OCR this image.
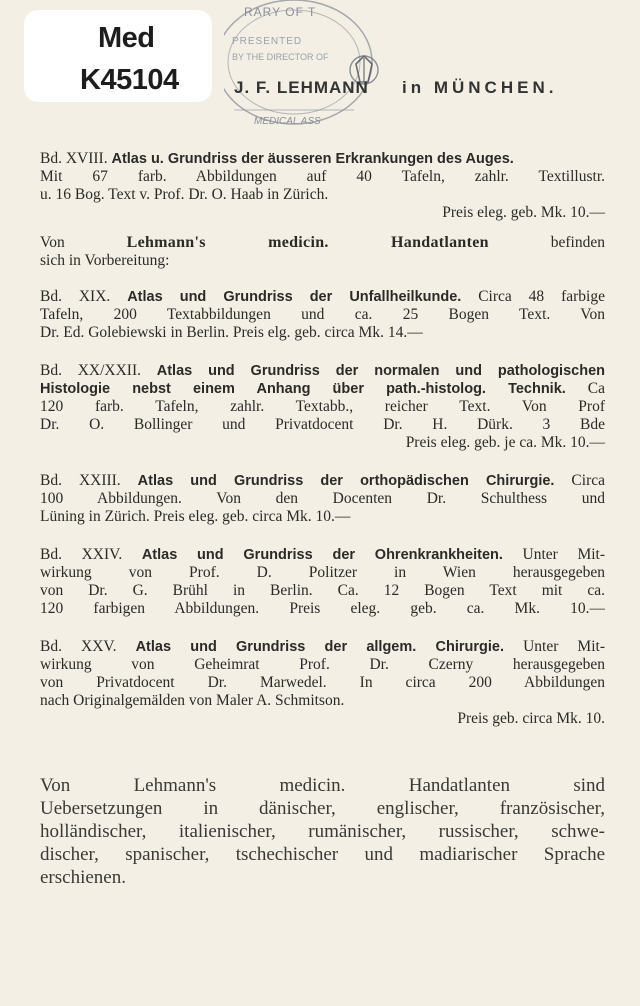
Med
K45104
RARY OF T
PRESENTED
BY THE DIRECTOR OF
MEDICAL ASS
J. F. LEHMANN in MÜNCHEN.
Bd. XVIII. Atlas u. Grundriss der äusseren Erkrankungen des Auges.
Mit 67 farb. Abbildungen auf 40 Tafeln, zahlr. Textillustr.
u. 16 Bog. Text v. Prof. Dr. O. Haab in Zürich.
Preis eleg. geb. Mk. 10.—
Von Lehmann's medicin. Handatlanten befinden
sich in Vorbereitung:
Bd. XIX. Atlas und Grundriss der Unfallheilkunde. Circa 48 farbige
Tafeln, 200 Textabbildungen und ca. 25 Bogen Text. Von
Dr. Ed. Golebiewski in Berlin. Preis elg. geb. circa Mk. 14.—
Bd. XX/XXII. Atlas und Grundriss der normalen und pathologischen
Histologie nebst einem Anhang über path.-histolog. Technik. Ca
120 farb. Tafeln, zahlr. Textabb., reicher Text. Von Prof
Dr. O. Bollinger und Privatdocent Dr. H. Dürk. 3 Bde
Preis eleg. geb. je ca. Mk. 10.—
Bd. XXIII. Atlas und Grundriss der orthopädischen Chirurgie. Circa
100 Abbildungen. Von den Docenten Dr. Schulthess und
Lüning in Zürich. Preis eleg. geb. circa Mk. 10.—
Bd. XXIV. Atlas und Grundriss der Ohrenkrankheiten. Unter Mit-
wirkung von Prof. D. Politzer in Wien herausgegeben
von Dr. G. Brühl in Berlin. Ca. 12 Bogen Text mit ca.
120 farbigen Abbildungen. Preis eleg. geb. ca. Mk. 10.—
Bd. XXV. Atlas und Grundriss der allgem. Chirurgie. Unter Mit-
wirkung von Geheimrat Prof. Dr. Czerny herausgegeben
von Privatdocent Dr. Marwedel. In circa 200 Abbildungen
nach Originalgemälden von Maler A. Schmitson.
Preis geb. circa Mk. 10.
Von Lehmann's medicin. Handatlanten sind
Uebersetzungen in dänischer, englischer, französischer,
holländischer, italienischer, rumänischer, russischer, schwe-
discher, spanischer, tschechischer und madiarischer Sprache
erschienen.
